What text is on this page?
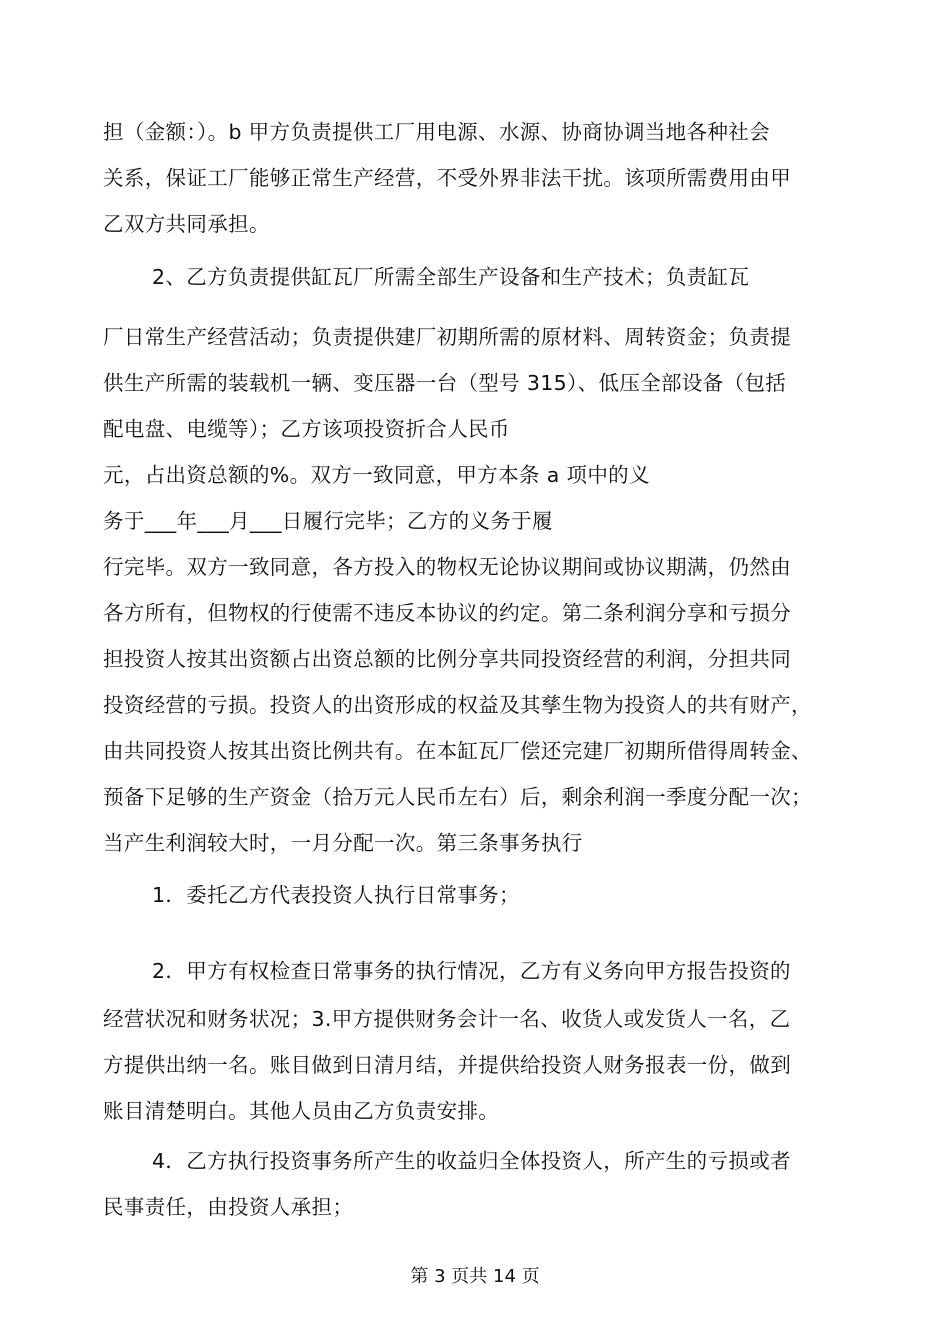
担（金额：）。b 甲方负责提供工厂用电源、水源、协商协调当地各种社会
关系，保证工厂能够正常生产经营，不受外界非法干扰。该项所需费用由甲
乙双方共同承担。
2、乙方负责提供缸瓦厂所需全部生产设备和生产技术；负责缸瓦
厂日常生产经营活动；负责提供建厂初期所需的原材料、周转资金；负责提
供生产所需的装载机一辆、变压器一台（型号 315）、低压全部设备（包括
配电盘、电缆等）；乙方该项投资折合人民币
元，占出资总额的%。双方一致同意，甲方本条 a 项中的义
务于___年___月___日履行完毕；乙方的义务于履
行完毕。双方一致同意，各方投入的物权无论协议期间或协议期满，仍然由
各方所有，但物权的行使需不违反本协议的约定。第二条利润分享和亏损分
担投资人按其出资额占出资总额的比例分享共同投资经营的利润，分担共同
投资经营的亏损。投资人的出资形成的权益及其孳生物为投资人的共有财产，
由共同投资人按其出资比例共有。在本缸瓦厂偿还完建厂初期所借得周转金、
预备下足够的生产资金（拾万元人民币左右）后，剩余利润一季度分配一次；
当产生利润较大时，一月分配一次。第三条事务执行
1．委托乙方代表投资人执行日常事务；
2．甲方有权检查日常事务的执行情况，乙方有义务向甲方报告投资的
经营状况和财务状况；3.甲方提供财务会计一名、收货人或发货人一名，乙
方提供出纳一名。账目做到日清月结，并提供给投资人财务报表一份，做到
账目清楚明白。其他人员由乙方负责安排。
4．乙方执行投资事务所产生的收益归全体投资人，所产生的亏损或者
民事责任，由投资人承担；
第 3 页共 14 页
